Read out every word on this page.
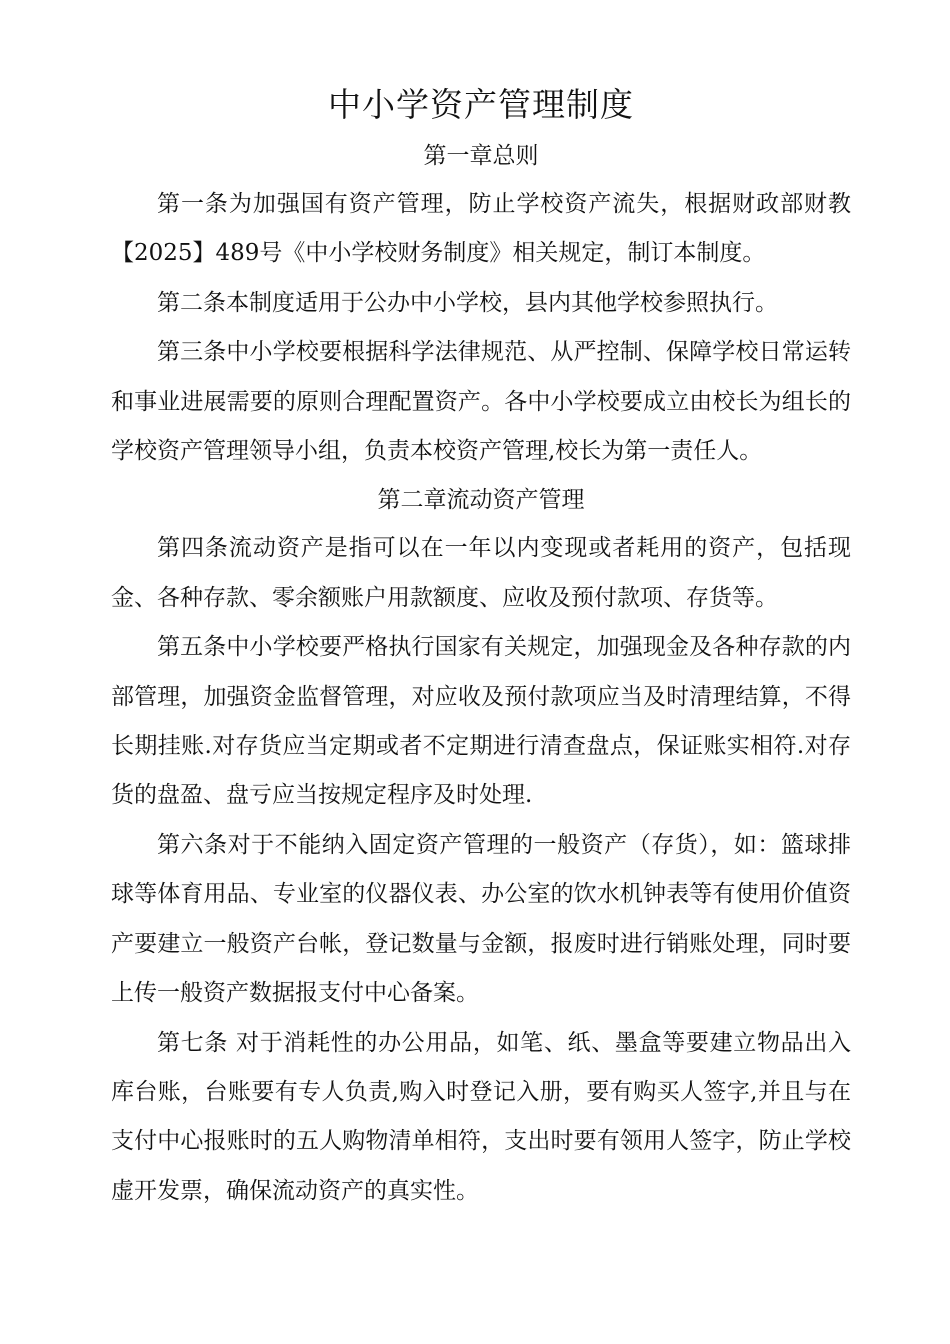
中小学资产管理制度
第一章总则

第一条为加强国有资产管理，防止学校资产流失，根据财政部财教【2025】489号《中小学校财务制度》相关规定，制订本制度。

第二条本制度适用于公办中小学校，县内其他学校参照执行。

第三条中小学校要根据科学法律规范、从严控制、保障学校日常运转和事业进展需要的原则合理配置资产。各中小学校要成立由校长为组长的学校资产管理领导小组，负责本校资产管理,校长为第一责任人。

第二章流动资产管理

第四条流动资产是指可以在一年以内变现或者耗用的资产，包括现金、各种存款、零余额账户用款额度、应收及预付款项、存货等。

第五条中小学校要严格执行国家有关规定，加强现金及各种存款的内部管理，加强资金监督管理，对应收及预付款项应当及时清理结算，不得长期挂账.对存货应当定期或者不定期进行清查盘点，保证账实相符.对存货的盘盈、盘亏应当按规定程序及时处理.

第六条对于不能纳入固定资产管理的一般资产（存货），如：篮球排球等体育用品、专业室的仪器仪表、办公室的饮水机钟表等有使用价值资产要建立一般资产台帐，登记数量与金额，报废时进行销账处理，同时要上传一般资产数据报支付中心备案。

第七条 对于消耗性的办公用品，如笔、纸、墨盒等要建立物品出入库台账，台账要有专人负责,购入时登记入册，要有购买人签字,并且与在支付中心报账时的五人购物清单相符，支出时要有领用人签字，防止学校虚开发票，确保流动资产的真实性。
